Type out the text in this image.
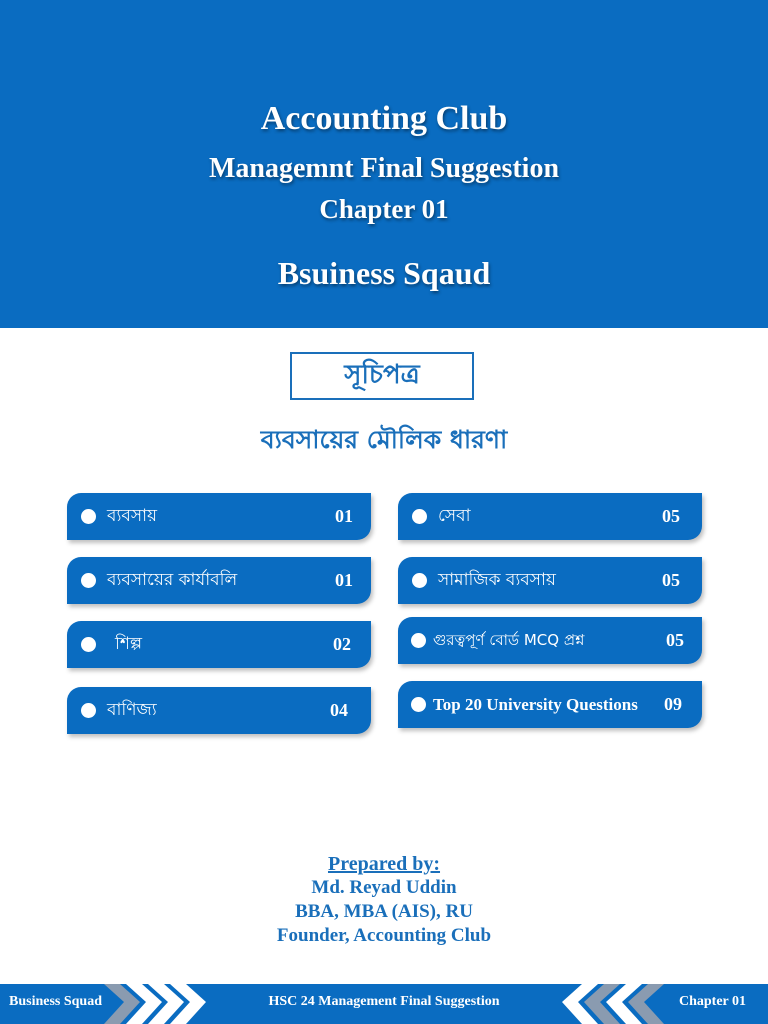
Accounting Club
Managemnt Final Suggestion
Chapter 01
Bsuiness Sqaud
সূচিপত্র
ব্যবসায়ের মৌলিক ধারণা
ব্যবসায়	01
ব্যবসায়ের কার্যাবলি	01
শিল্প	02
বাণিজ্য	04
সেবা	05
সামাজিক ব্যবসায়	05
গুরত্বপূর্ণ বোর্ড MCQ প্রশ্ন	05
Top 20 University Questions 09
Prepared by:
Md. Reyad Uddin
BBA, MBA (AIS), RU
Founder, Accounting Club
Business Squad	HSC 24 Management Final Suggestion	Chapter 01
